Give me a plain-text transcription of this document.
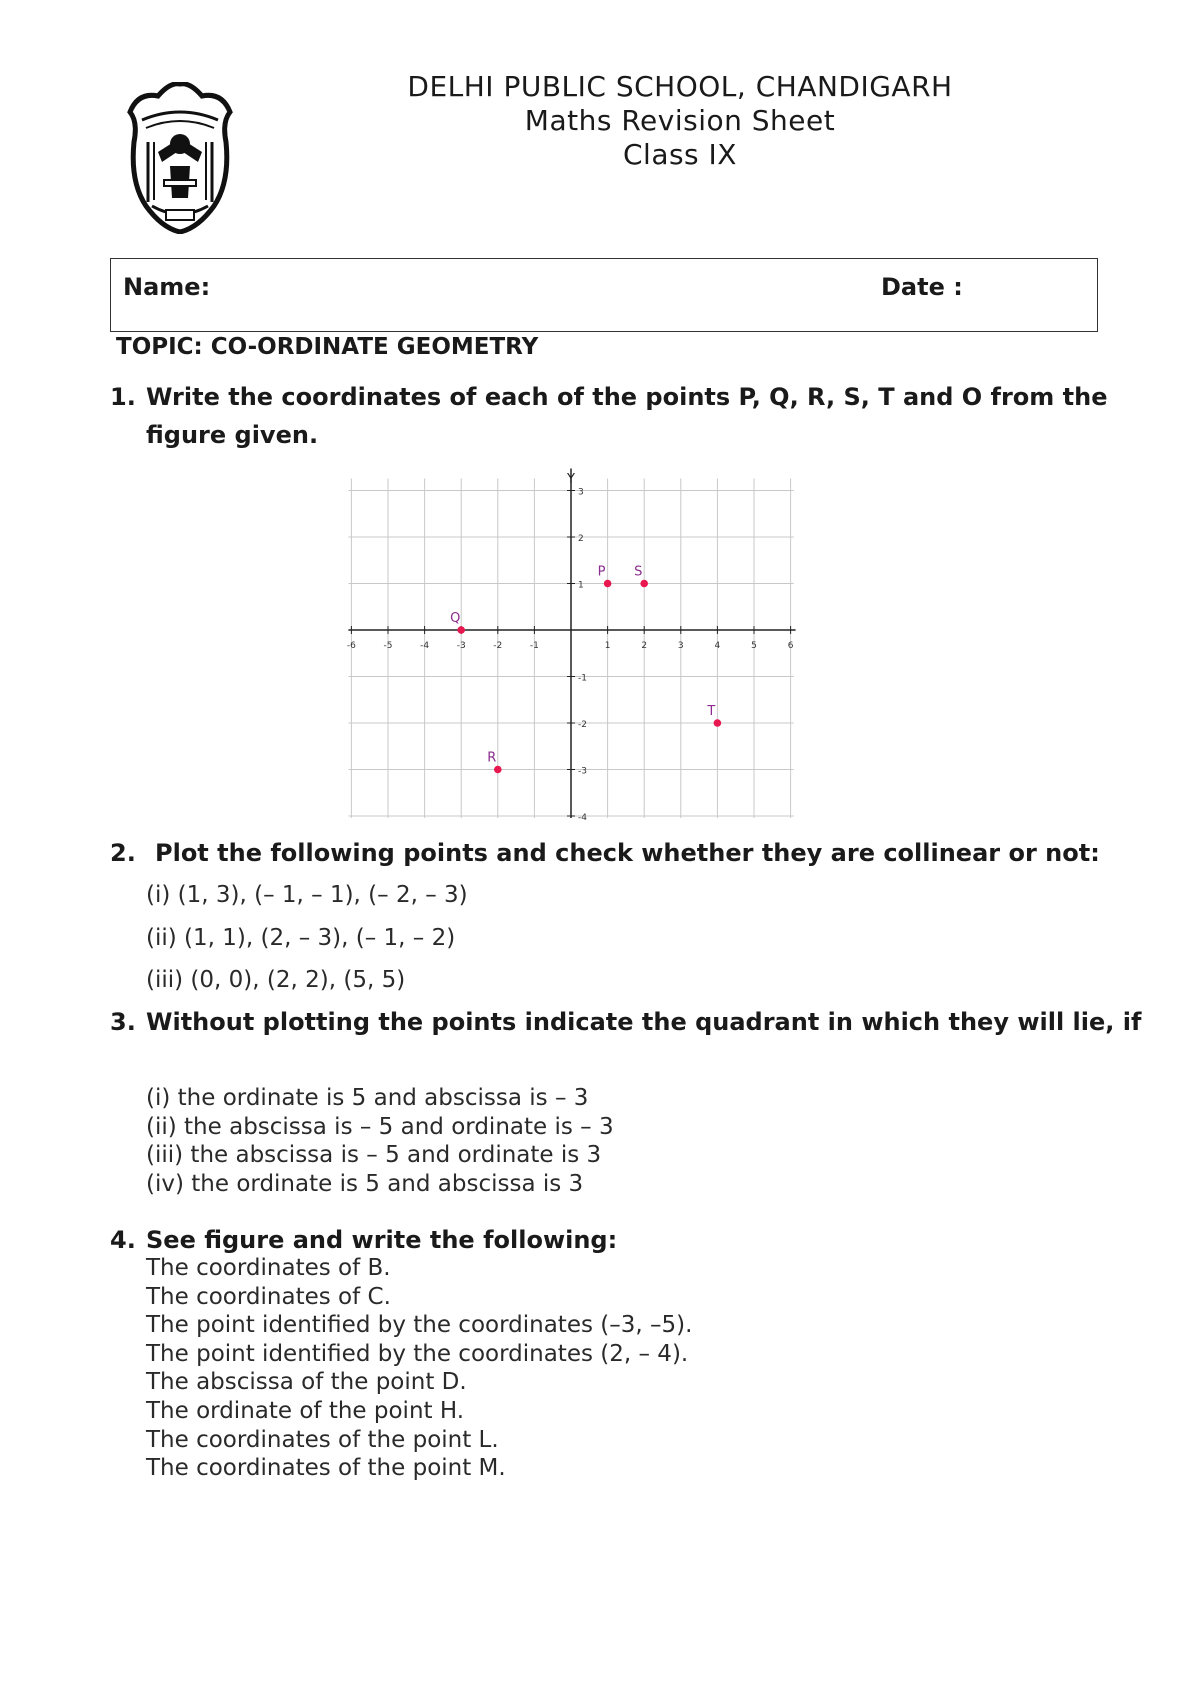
DELHI PUBLIC SCHOOL, CHANDIGARH
Maths Revision Sheet
Class IX
Name:	Date :
TOPIC: CO-ORDINATE GEOMETRY
1. Write the coordinates of each of the points P, Q, R, S, T and O from the figure given.
Y
-6	-5	-4	-3	-2	-1	1	2	3	4	5	6
3
2
1
-1
-2
-3
-4
P S
Q
T
R
2. Plot the following points and check whether they are collinear or not:
(i) (1, 3), (– 1, – 1), (– 2, – 3)
(ii) (1, 1), (2, – 3), (– 1, – 2)
(iii) (0, 0), (2, 2), (5, 5)
3. Without plotting the points indicate the quadrant in which they will lie, if
(i) the ordinate is 5 and abscissa is – 3
(ii) the abscissa is – 5 and ordinate is – 3
(iii) the abscissa is – 5 and ordinate is 3
(iv) the ordinate is 5 and abscissa is 3
4. See figure and write the following:
The coordinates of B.
The coordinates of C.
The point identified by the coordinates (–3, –5).
The point identified by the coordinates (2, – 4).
The abscissa of the point D.
The ordinate of the point H.
The coordinates of the point L.
The coordinates of the point M.
